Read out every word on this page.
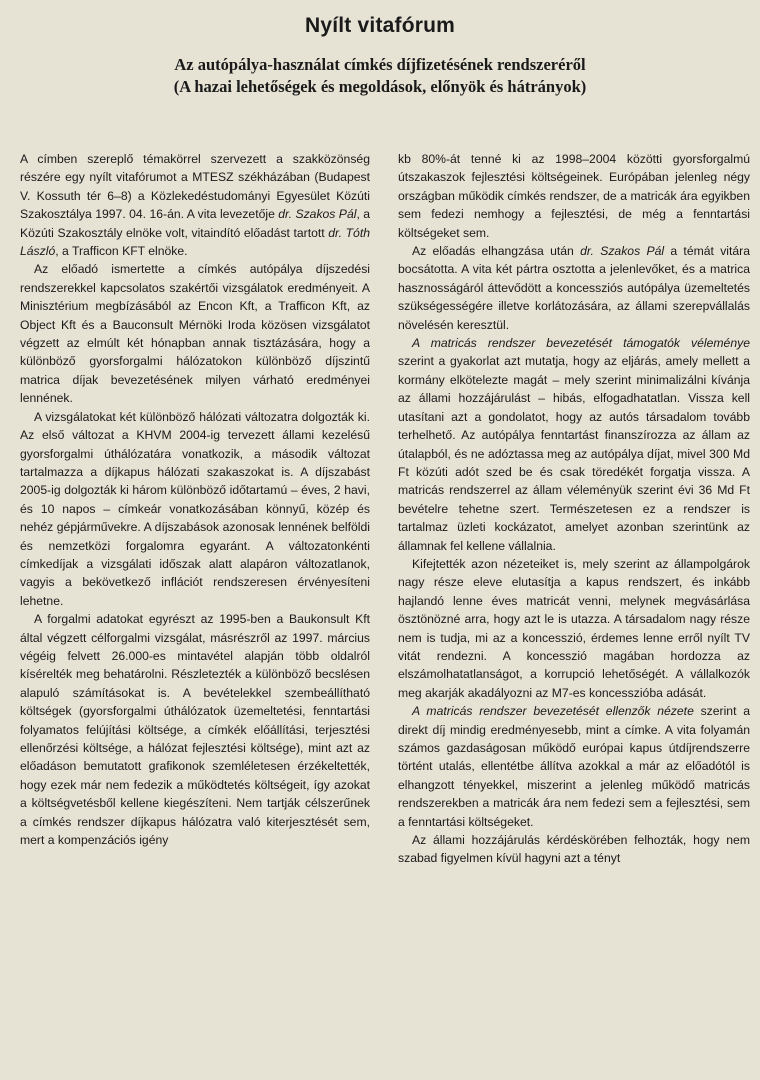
Nyílt vitafórum
Az autópálya-használat címkés díjfizetésének rendszeréről
(A hazai lehetőségek és megoldások, előnyök és hátrányok)

A címben szereplő témakörrel szervezett a szakközönség részére egy nyílt vitafórumot a MTESZ székházában (Budapest V. Kossuth tér 6–8) a Közlekedéstudományi Egyesület Közúti Szakosztálya 1997. 04. 16-án. A vita levezetője dr. Szakos Pál, a Közúti Szakosztály elnöke volt, vitaindító előadást tartott dr. Tóth László, a Trafficon KFT elnöke.

Az előadó ismertette a címkés autópálya díjszedési rendszerekkel kapcsolatos szakértői vizsgálatok eredményeit. A Minisztérium megbízásából az Encon Kft, a Trafficon Kft, az Object Kft és a Bauconsult Mérnöki Iroda közösen vizsgálatot végzett az elmúlt két hónapban annak tisztázására, hogy a különböző gyorsforgalmi hálózatokon különböző díjszintű matrica díjak bevezetésének milyen várható eredményei lennének.

A vizsgálatokat két különböző hálózati változatra dolgozták ki. Az első változat a KHVM 2004-ig tervezett állami kezelésű gyorsforgalmi úthálózatára vonatkozik, a második változat tartalmazza a díjkapus hálózati szakaszokat is. A díjszabást 2005-ig dolgozták ki három különböző időtartamú – éves, 2 havi, és 10 napos – címkeár vonatkozásában könnyű, közép és nehéz gépjárművekre. A díjszabások azonosak lennének belföldi és nemzetközi forgalomra egyaránt. A változatonkénti címkedíjak a vizsgálati időszak alatt alapáron változatlanok, vagyis a bekövetkező inflációt rendszeresen érvényesíteni lehetne.

A forgalmi adatokat egyrészt az 1995-ben a Baukonsult Kft által végzett célforgalmi vizsgálat, másrészről az 1997. március végéig felvett 26.000-es mintavétel alapján több oldalról kísérelték meg behatárolni. Részletezték a különböző becslésen alapuló számításokat is. A bevételekkel szembeállítható költségek (gyorsforgalmi úthálózatok üzemeltetési, fenntartási folyamatos felújítási költsége, a címkék előállítási, terjesztési ellenőrzési költsége, a hálózat fejlesztési költsége), mint azt az előadáson bemutatott grafikonok szemléletesen érzékeltették, hogy ezek már nem fedezik a működtetés költségeit, így azokat a költségvetésből kellene kiegészíteni. Nem tartják célszerűnek a címkés rendszer díjkapus hálózatra való kiterjesztését sem, mert a kompenzációs igény

kb 80%-át tenné ki az 1998–2004 közötti gyorsforgalmú útszakaszok fejlesztési költségeinek. Európában jelenleg négy országban működik címkés rendszer, de a matricák ára egyikben sem fedezi nemhogy a fejlesztési, de még a fenntartási költségeket sem.

Az előadás elhangzása után dr. Szakos Pál a témát vitára bocsátotta. A vita két pártra osztotta a jelenlevőket, és a matrica hasznosságáról áttevődött a koncessziós autópálya üzemeltetés szükségességére illetve korlátozására, az állami szerepvállalás növelésén keresztül.

A matricás rendszer bevezetését támogatók véleménye szerint a gyakorlat azt mutatja, hogy az eljárás, amely mellett a kormány elkötelezte magát – mely szerint minimalizálni kívánja az állami hozzájárulást – hibás, elfogadhatatlan. Vissza kell utasítani azt a gondolatot, hogy az autós társadalom tovább terhelhető. Az autópálya fenntartást finanszírozza az állam az útalapból, és ne adóztassa meg az autópálya díjat, mivel 300 Md Ft közúti adót szed be és csak töredékét forgatja vissza. A matricás rendszerrel az állam véleményük szerint évi 36 Md Ft bevételre tehetne szert. Természetesen ez a rendszer is tartalmaz üzleti kockázatot, amelyet azonban szerintünk az államnak fel kellene vállalnia.

Kifejtették azon nézeteiket is, mely szerint az állampolgárok nagy része eleve elutasítja a kapus rendszert, és inkább hajlandó lenne éves matricát venni, melynek megvásárlása ösztönözné arra, hogy azt le is utazza. A társadalom nagy része nem is tudja, mi az a koncesszió, érdemes lenne erről nyílt TV vitát rendezni. A koncesszió magában hordozza az elszámolhatatlanságot, a korrupció lehetőségét. A vállalkozók meg akarják akadályozni az M7-es koncesszióba adását.

A matricás rendszer bevezetését ellenzők nézete szerint a direkt díj mindig eredményesebb, mint a címke. A vita folyamán számos gazdaságosan működő európai kapus útdíjrendszerre történt utalás, ellentétbe állítva azokkal a már az előadótól is elhangzott tényekkel, miszerint a jelenleg működő matricás rendszerekben a matricák ára nem fedezi sem a fejlesztési, sem a fenntartási költségeket.

Az állami hozzájárulás kérdéskörében felhozták, hogy nem szabad figyelmen kívül hagyni azt a tényt
